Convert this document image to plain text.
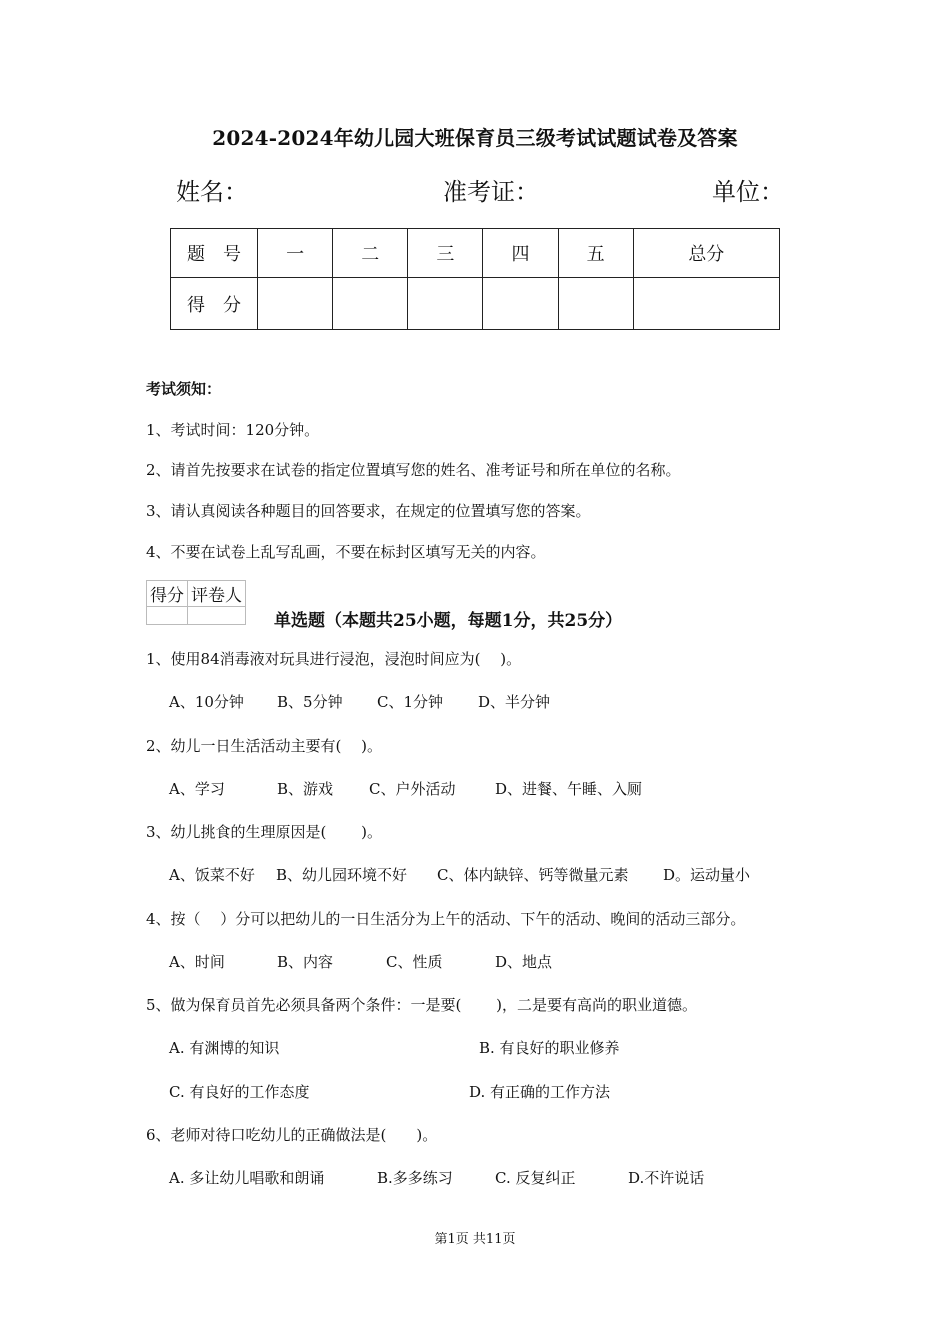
2024-2024年幼儿园大班保育员三级考试试题试卷及答案
姓名：	准考证：	单位：
题　号	一	二	三	四	五	总分
得　分						
考试须知：
1、考试时间：120分钟。
2、请首先按要求在试卷的指定位置填写您的姓名、准考证号和所在单位的名称。
3、请认真阅读各种题目的回答要求，在规定的位置填写您的答案。
4、不要在试卷上乱写乱画，不要在标封区填写无关的内容。
得分	评卷人

单选题（本题共25小题，每题1分，共25分）
1、使用84消毒液对玩具进行浸泡，浸泡时间应为(　 )。
A、10分钟 B、5分钟 C、1分钟 D、半分钟
2、幼儿一日生活活动主要有( 　)。
A、学习	B、游戏 C、户外活动	D、进餐、午睡、入厕
3、幼儿挑食的生理原因是(　　 )。
A、饭菜不好 B、幼儿园环境不好 C、体内缺锌、钙等微量元素 D。运动量小
4、按（　 ）分可以把幼儿的一日生活分为上午的活动、下午的活动、晚间的活动三部分。
A、时间	B、内容	C、性质	D、地点
5、做为保育员首先必须具备两个条件：一是要(　　 )，二是要有高尚的职业道德。
A. 有渊博的知识	B. 有良好的职业修养
C. 有良好的工作态度	D. 有正确的工作方法
6、老师对待口吃幼儿的正确做法是(　　)。
A. 多让幼儿唱歌和朗诵	B.多多练习	C. 反复纠正	D.不许说话
第1页 共11页
